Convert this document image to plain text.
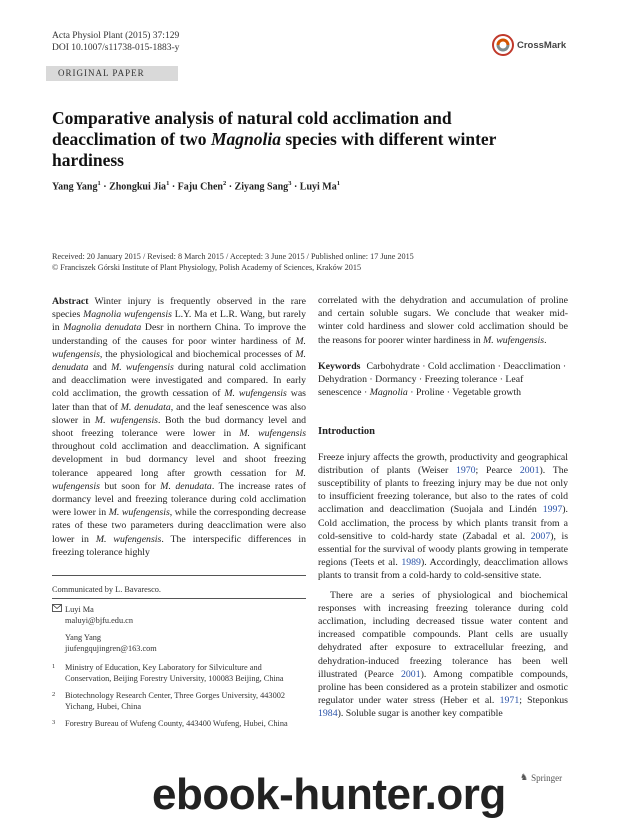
Acta Physiol Plant (2015) 37:129
DOI 10.1007/s11738-015-1883-y	CrossMark
ORIGINAL PAPER
Comparative analysis of natural cold acclimation and deacclimation of two Magnolia species with different winter hardiness
Yang Yang$^1$ · Zhongkui Jia$^1$ · Faju Chen$^2$ · Ziyang Sang$^3$ · Luyi Ma$^1$
Received: 20 January 2015 / Revised: 8 March 2015 / Accepted: 3 June 2015 / Published online: 17 June 2015
© Franciszek Górski Institute of Plant Physiology, Polish Academy of Sciences, Kraków 2015
Abstract Winter injury is frequently observed in the rare species Magnolia wufengensis L.Y. Ma et L.R. Wang, but rarely in Magnolia denudata Desr in northern China. To improve the understanding of the causes for poor winter hardiness of M. wufengensis, the physiological and biochemical processes of M. denudata and M. wufengensis during natural cold acclimation and deacclimation were investigated and compared. In early cold acclimation, the growth cessation of M. wufengensis was later than that of M. denudata, and the leaf senescence was also slower in M. wufengensis. Both the bud dormancy level and shoot freezing tolerance were lower in M. wufengensis throughout cold acclimation and deacclimation. A significant development in bud dormancy level and shoot freezing tolerance appeared long after growth cessation for M. wufengensis but soon for M. denudata. The increase rates of dormancy level and freezing tolerance during cold acclimation were lower in M. wufengensis, while the corresponding decrease rates of these two parameters during deacclimation were also lower in M. wufengensis. The interspecific differences in freezing tolerance highly
Communicated by L. Bavaresco.
Luyi Ma
maluyi@bjfu.edu.cn
Yang Yang
jiufengqujingren@163.com
1	Ministry of Education, Key Laboratory for Silviculture and Conservation, Beijing Forestry University, 100083 Beijing, China
2	Biotechnology Research Center, Three Gorges University, 443002 Yichang, Hubei, China
3	Forestry Bureau of Wufeng County, 443400 Wufeng, Hubei, China

correlated with the dehydration and accumulation of proline and certain soluble sugars. We conclude that weaker mid-winter cold hardiness and slower cold acclimation should be the reasons for poorer winter hardiness in M. wufengensis.

Keywords Carbohydrate · Cold acclimation · Deacclimation · Dehydration · Dormancy · Freezing tolerance · Leaf senescence · Magnolia · Proline · Vegetable growth

Introduction

Freeze injury affects the growth, productivity and geographical distribution of plants (Weiser 1970; Pearce 2001). The susceptibility of plants to freezing injury may be due not only to insufficient freezing tolerance, but also to the rates of cold acclimation and deacclimation (Suojala and Lindén 1997). Cold acclimation, the process by which plants transit from a cold-sensitive to cold-hardy state (Zabadal et al. 2007), is essential for the survival of woody plants growing in temperate regions (Teets et al. 1989). Accordingly, deacclimation allows plants to transit from a cold-hardy to cold-sensitive state.

There are a series of physiological and biochemical responses with increasing freezing tolerance during cold acclimation, including decreased tissue water content and increased compatible compounds. Plant cells are usually dehydrated after exposure to extracellular freezing, and dehydration-induced freezing tolerance has been well illustrated (Pearce 2001). Among compatible compounds, proline has been considered as a protein stabilizer and osmotic regulator under water stress (Heber et al. 1971; Steponkus 1984). Soluble sugar is another key compatible

♞ Springer
ebook-hunter.org
